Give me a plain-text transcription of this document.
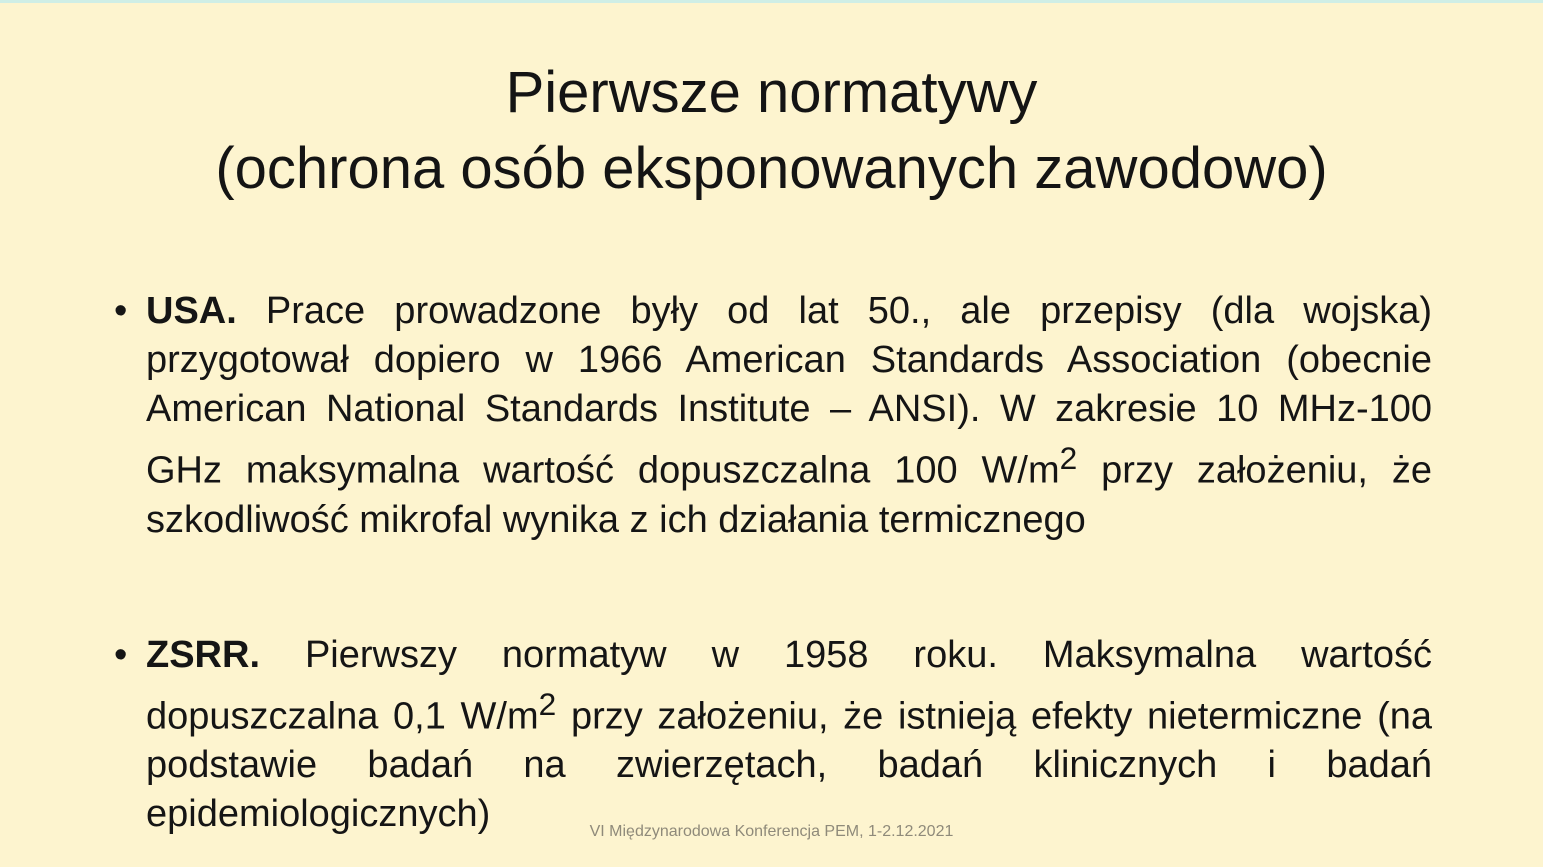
Pierwsze normatywy
(ochrona osób eksponowanych zawodowo)
• USA. Prace prowadzone były od lat 50., ale przepisy (dla wojska) przygotował dopiero w 1966 American Standards Association (obecnie American National Standards Institute – ANSI). W zakresie 10 MHz-100 GHz maksymalna wartość dopuszczalna 100 $W/m^2$ przy założeniu, że szkodliwość mikrofal wynika z ich działania termicznego
• ZSRR. Pierwszy normatyw w 1958 roku. Maksymalna wartość dopuszczalna 0,1 $W/m^2$ przy założeniu, że istnieją efekty nietermiczne (na podstawie badań na zwierzętach, badań klinicznych i badań epidemiologicznych)	VI Międzynarodowa Konferencja PEM, 1-2.12.2021
